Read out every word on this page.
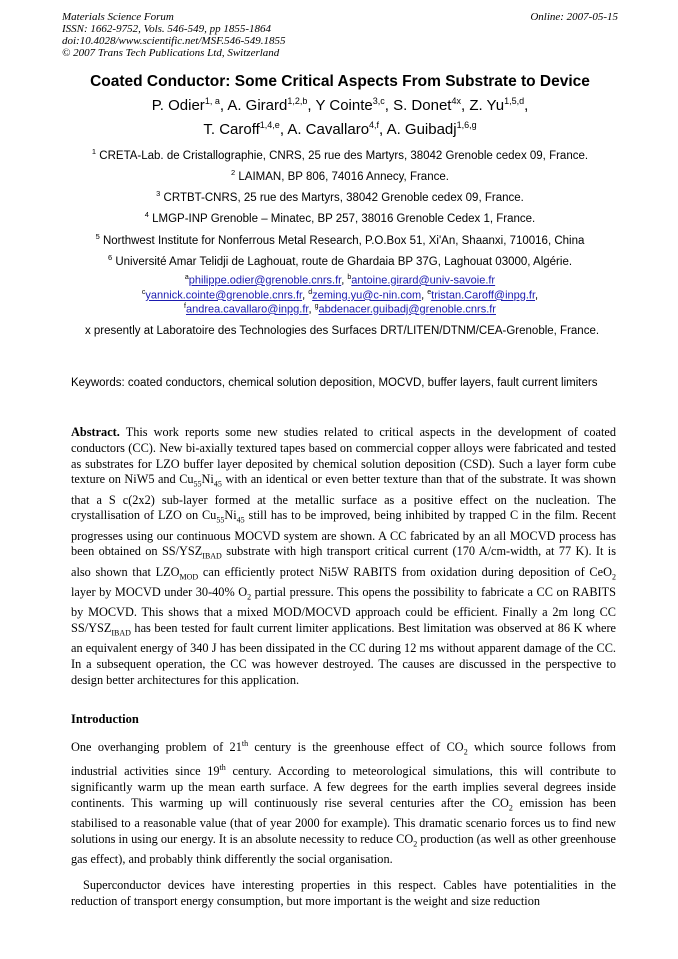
Materials Science Forum
ISSN: 1662-9752, Vols. 546-549, pp 1855-1864
doi:10.4028/www.scientific.net/MSF.546-549.1855
© 2007 Trans Tech Publications Ltd, Switzerland
Online: 2007-05-15
Coated Conductor: Some Critical Aspects From Substrate to Device
P. Odier$^{1, a}$, A. Girard$^{1,2,b}$, Y Cointe$^{3,c}$, S. Donet$^{4x}$, Z. Yu$^{1,5,d}$,
T. Caroff$^{1,4,e}$, A. Cavallaro$^{4,f}$, A. Guibadj$^{1,6,g}$
$^1$ CRETA-Lab. de Cristallographie, CNRS, 25 rue des Martyrs, 38042 Grenoble cedex 09, France.
$^2$ LAIMAN, BP 806, 74016 Annecy, France.
$^3$ CRTBT-CNRS, 25 rue des Martyrs, 38042 Grenoble cedex 09, France.
$^4$ LMGP-INP Grenoble – Minatec, BP 257, 38016 Grenoble Cedex 1, France.
$^5$ Northwest Institute for Nonferrous Metal Research, P.O.Box 51, Xi'An, Shaanxi, 710016, China
$^6$ Université Amar Telidji de Laghouat, route de Ghardaia BP 37G, Laghouat 03000, Algérie.
$^a$philippe.odier@grenoble.cnrs.fr, $^b$antoine.girard@univ-savoie.fr
$^c$yannick.cointe@grenoble.cnrs.fr, $^d$zeming.yu@c-nin.com, $^e$tristan.Caroff@inpg.fr,
$^f$andrea.cavallaro@inpg.fr, $^g$abdenacer.guibadj@grenoble.cnrs.fr
x presently at Laboratoire des Technologies des Surfaces DRT/LITEN/DTNM/CEA-Grenoble, France.
Keywords: coated conductors, chemical solution deposition, MOCVD, buffer layers, fault current limiters
Abstract. This work reports some new studies related to critical aspects in the development of coated conductors (CC). New bi-axially textured tapes based on commercial copper alloys were fabricated and tested as substrates for LZO buffer layer deposited by chemical solution deposition (CSD). Such a layer form cube texture on NiW5 and $Cu_{55}Ni_{45}$ with an identical or even better texture than that of the substrate. It was shown that a S c(2x2) sub-layer formed at the metallic surface as a positive effect on the nucleation. The crystallisation of LZO on $Cu_{55}Ni_{45}$ still has to be improved, being inhibited by trapped C in the film. Recent progresses using our continuous MOCVD system are shown. A CC fabricated by an all MOCVD process has been obtained on $SS/YSZ_{IBAD}$ substrate with high transport critical current (170 A/cm-width, at 77 K). It is also shown that $LZO_{MOD}$ can efficiently protect Ni5W RABITS from oxidation during deposition of CeO$_2$ layer by MOCVD under 30-40% $O_2$ partial pressure. This opens the possibility to fabricate a CC on RABITS by MOCVD. This shows that a mixed MOD/MOCVD approach could be efficient. Finally a 2m long CC $SS/YSZ_{IBAD}$ has been tested for fault current limiter applications. Best limitation was observed at 86 K where an equivalent energy of 340 J has been dissipated in the CC during 12 ms without apparent damage of the CC. In a subsequent operation, the CC was however destroyed. The causes are discussed in the perspective to design better architectures for this application.
Introduction
One overhanging problem of 21th century is the greenhouse effect of $CO_2$ which source follows from industrial activities since 19th century. According to meteorological simulations, this will contribute to significantly warm up the mean earth surface. A few degrees for the earth implies several degrees inside continents. This warming up will continuously rise several centuries after the $CO_2$ emission has been stabilised to a reasonable value (that of year 2000 for example). This dramatic scenario forces us to find new solutions in using our energy. It is an absolute necessity to reduce $CO_2$ production (as well as other greenhouse gas effect), and probably think differently the social organisation.
Superconductor devices have interesting properties in this respect. Cables have potentialities in the reduction of transport energy consumption, but more important is the weight and size reduction
